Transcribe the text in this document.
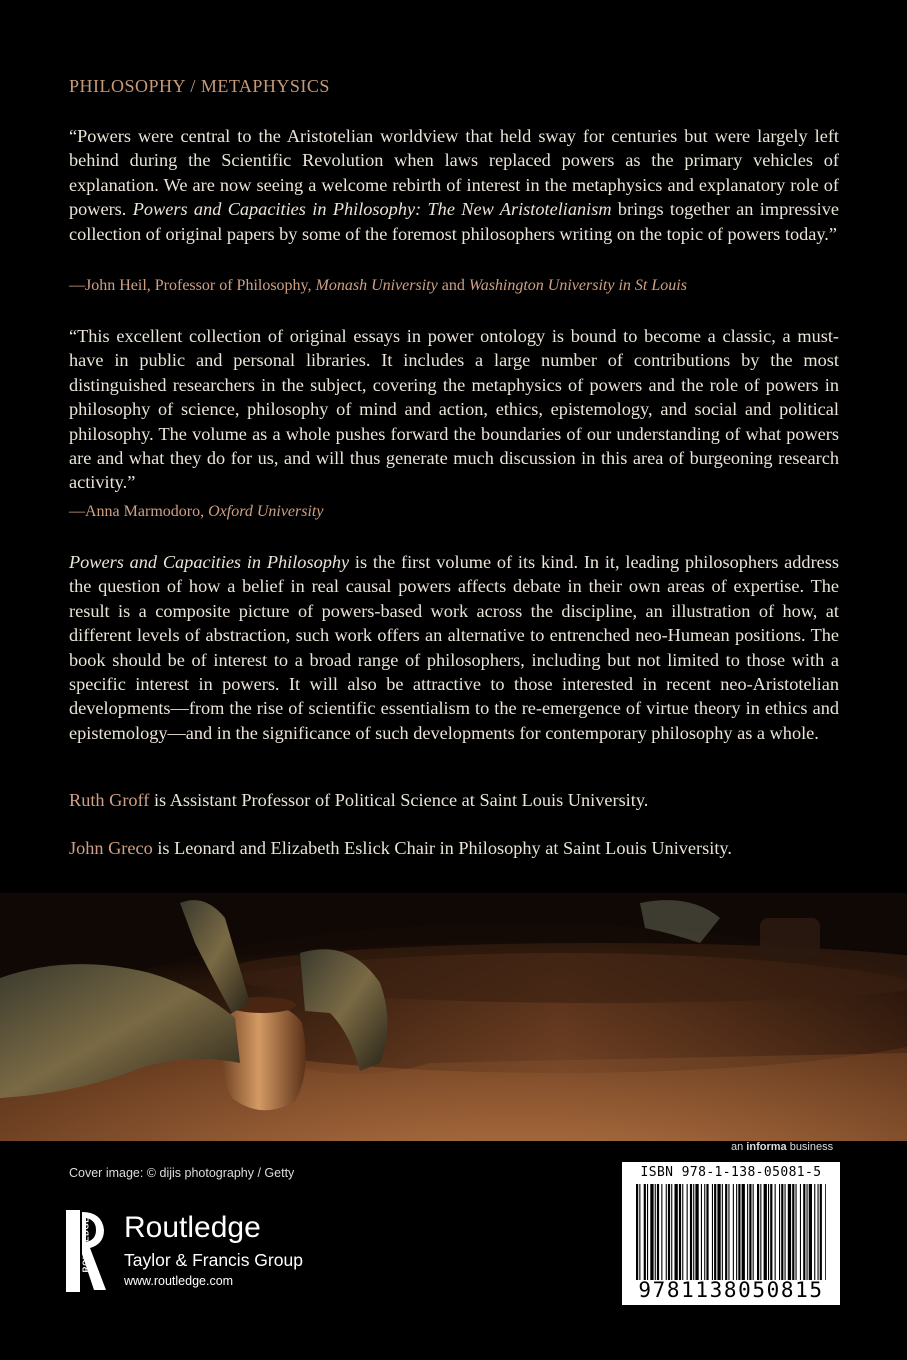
PHILOSOPHY / METAPHYSICS

“Powers were central to the Aristotelian worldview that held sway for centuries but were largely left behind during the Scientific Revolution when laws replaced powers as the primary vehicles of explanation. We are now seeing a welcome rebirth of interest in the metaphysics and explanatory role of powers. Powers and Capacities in Philosophy: The New Aristotelianism brings together an impressive collection of original papers by some of the foremost philosophers writing on the topic of powers today.”

—John Heil, Professor of Philosophy, Monash University and Washington University in St Louis

“This excellent collection of original essays in power ontology is bound to become a classic, a must-have in public and personal libraries. It includes a large number of contributions by the most distinguished researchers in the subject, covering the metaphysics of powers and the role of powers in philosophy of science, philosophy of mind and action, ethics, epistemology, and social and political philosophy. The volume as a whole pushes forward the boundaries of our understanding of what powers are and what they do for us, and will thus generate much discussion in this area of burgeoning research activity.”

—Anna Marmodoro, Oxford University

Powers and Capacities in Philosophy is the first volume of its kind. In it, leading philosophers address the question of how a belief in real causal powers affects debate in their own areas of expertise. The result is a composite picture of powers-based work across the discipline, an illustration of how, at different levels of abstraction, such work offers an alternative to entrenched neo-Humean positions. The book should be of interest to a broad range of philosophers, including but not limited to those with a specific interest in powers. It will also be attractive to those interested in recent neo-Aristotelian developments—from the rise of scientific essentialism to the re-emergence of virtue theory in ethics and epistemology—and in the significance of such developments for contemporary philosophy as a whole.

Ruth Groff is Assistant Professor of Political Science at Saint Louis University.
John Greco is Leonard and Elizabeth Eslick Chair in Philosophy at Saint Louis University.
an informa business
Cover image: © dijis photography / Getty
ROUTLEDGE Routledge
Taylor & Francis Group
www.routledge.com
ISBN 978-1-138-05081-5
9781138050815
